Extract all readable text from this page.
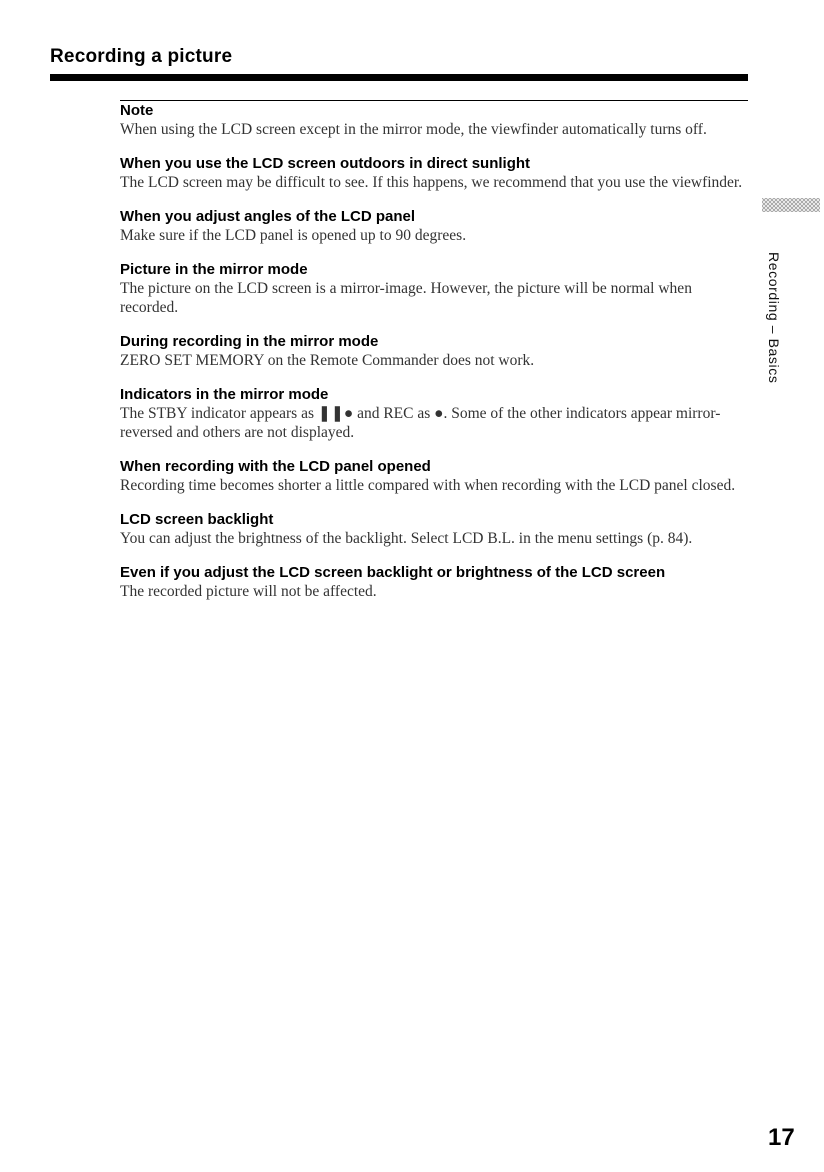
Recording a picture
Note

When using the LCD screen except in the mirror mode, the viewfinder automatically turns off.

When you use the LCD screen outdoors in direct sunlight

The LCD screen may be difficult to see. If this happens, we recommend that you use the viewfinder.

When you adjust angles of the LCD panel

Make sure if the LCD panel is opened up to 90 degrees.

Picture in the mirror mode

The picture on the LCD screen is a mirror-image. However, the picture will be normal when recorded.

During recording in the mirror mode

ZERO SET MEMORY on the Remote Commander does not work.

Indicators in the mirror mode

The STBY indicator appears as ❚❚● and REC as ●. Some of the other indicators appear mirror-reversed and others are not displayed.

When recording with the LCD panel opened

Recording time becomes shorter a little compared with when recording with the LCD panel closed.

LCD screen backlight

You can adjust the brightness of the backlight. Select LCD B.L. in the menu settings (p. 84).

Even if you adjust the LCD screen backlight or brightness of the LCD screen

The recorded picture will not be affected.

Recording – Basics
17
